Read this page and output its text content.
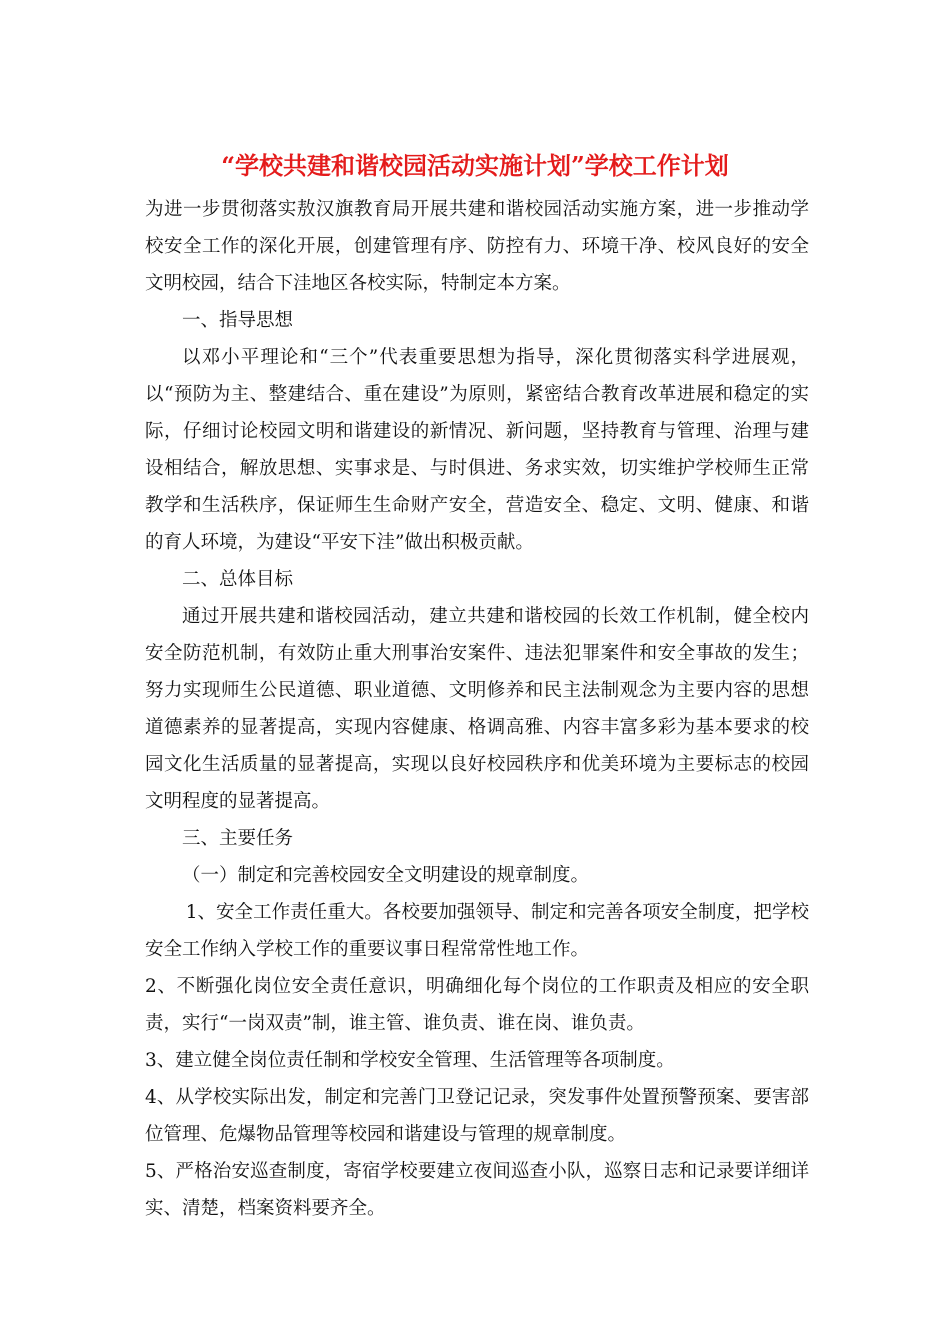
“学校共建和谐校园活动实施计划”学校工作计划

为进一步贯彻落实敖汉旗教育局开展共建和谐校园活动实施方案，进一步推动学校安全工作的深化开展，创建管理有序、防控有力、环境干净、校风良好的安全文明校园，结合下洼地区各校实际，特制定本方案。

一、指导思想

以邓小平理论和“三个”代表重要思想为指导，深化贯彻落实科学进展观，以“预防为主、整建结合、重在建设”为原则，紧密结合教育改革进展和稳定的实际，仔细讨论校园文明和谐建设的新情况、新问题，坚持教育与管理、治理与建设相结合，解放思想、实事求是、与时俱进、务求实效，切实维护学校师生正常教学和生活秩序，保证师生生命财产安全，营造安全、稳定、文明、健康、和谐的育人环境，为建设“平安下洼”做出积极贡献。

二、总体目标

通过开展共建和谐校园活动，建立共建和谐校园的长效工作机制，健全校内安全防范机制，有效防止重大刑事治安案件、违法犯罪案件和安全事故的发生；努力实现师生公民道德、职业道德、文明修养和民主法制观念为主要内容的思想道德素养的显著提高，实现内容健康、格调高雅、内容丰富多彩为基本要求的校园文化生活质量的显著提高，实现以良好校园秩序和优美环境为主要标志的校园文明程度的显著提高。

三、主要任务

（一）制定和完善校园安全文明建设的规章制度。

1、安全工作责任重大。各校要加强领导、制定和完善各项安全制度，把学校安全工作纳入学校工作的重要议事日程常常性地工作。

2、不断强化岗位安全责任意识，明确细化每个岗位的工作职责及相应的安全职责，实行“一岗双责”制，谁主管、谁负责、谁在岗、谁负责。

3、建立健全岗位责任制和学校安全管理、生活管理等各项制度。

4、从学校实际出发，制定和完善门卫登记记录，突发事件处置预警预案、要害部位管理、危爆物品管理等校园和谐建设与管理的规章制度。

5、严格治安巡查制度，寄宿学校要建立夜间巡查小队，巡察日志和记录要详细详实、清楚，档案资料要齐全。
